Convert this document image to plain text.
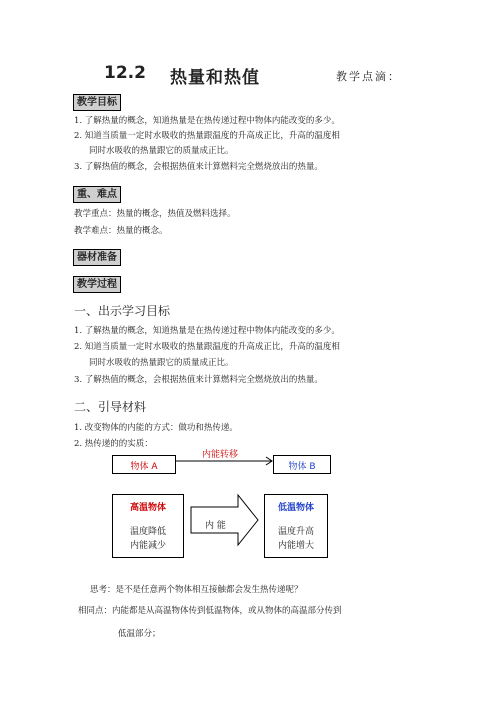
12.2 热量和热值	教学点滴：
教学目标
1. 了解热量的概念，知道热量是在热传递过程中物体内能改变的多少。
2. 知道当质量一定时水吸收的热量跟温度的升高成正比，升高的温度相
同时水吸收的热量跟它的质量成正比。
3. 了解热值的概念，会根据热值来计算燃料完全燃烧放出的热量。
重、难点
教学重点：热量的概念，热值及燃料选择。
教学难点：热量的概念。
器材准备
教学过程
一、出示学习目标
1. 了解热量的概念，知道热量是在热传递过程中物体内能改变的多少。
2. 知道当质量一定时水吸收的热量跟温度的升高成正比，升高的温度相
同时水吸收的热量跟它的质量成正比。
3. 了解热值的概念，会根据热值来计算燃料完全燃烧放出的热量。
二、引导材料
1. 改变物体的内能的方式：做功和热传递。
2. 热传递的的实质：
内能转移
物体 A	物体 B
高温物体
温度降低
内能减少
内 能
低温物体
温度升高
内能增大
思考：是不是任意两个物体相互接触都会发生热传递呢？
相同点：内能都是从高温物体传到低温物体，或从物体的高温部分传到
低温部分；
